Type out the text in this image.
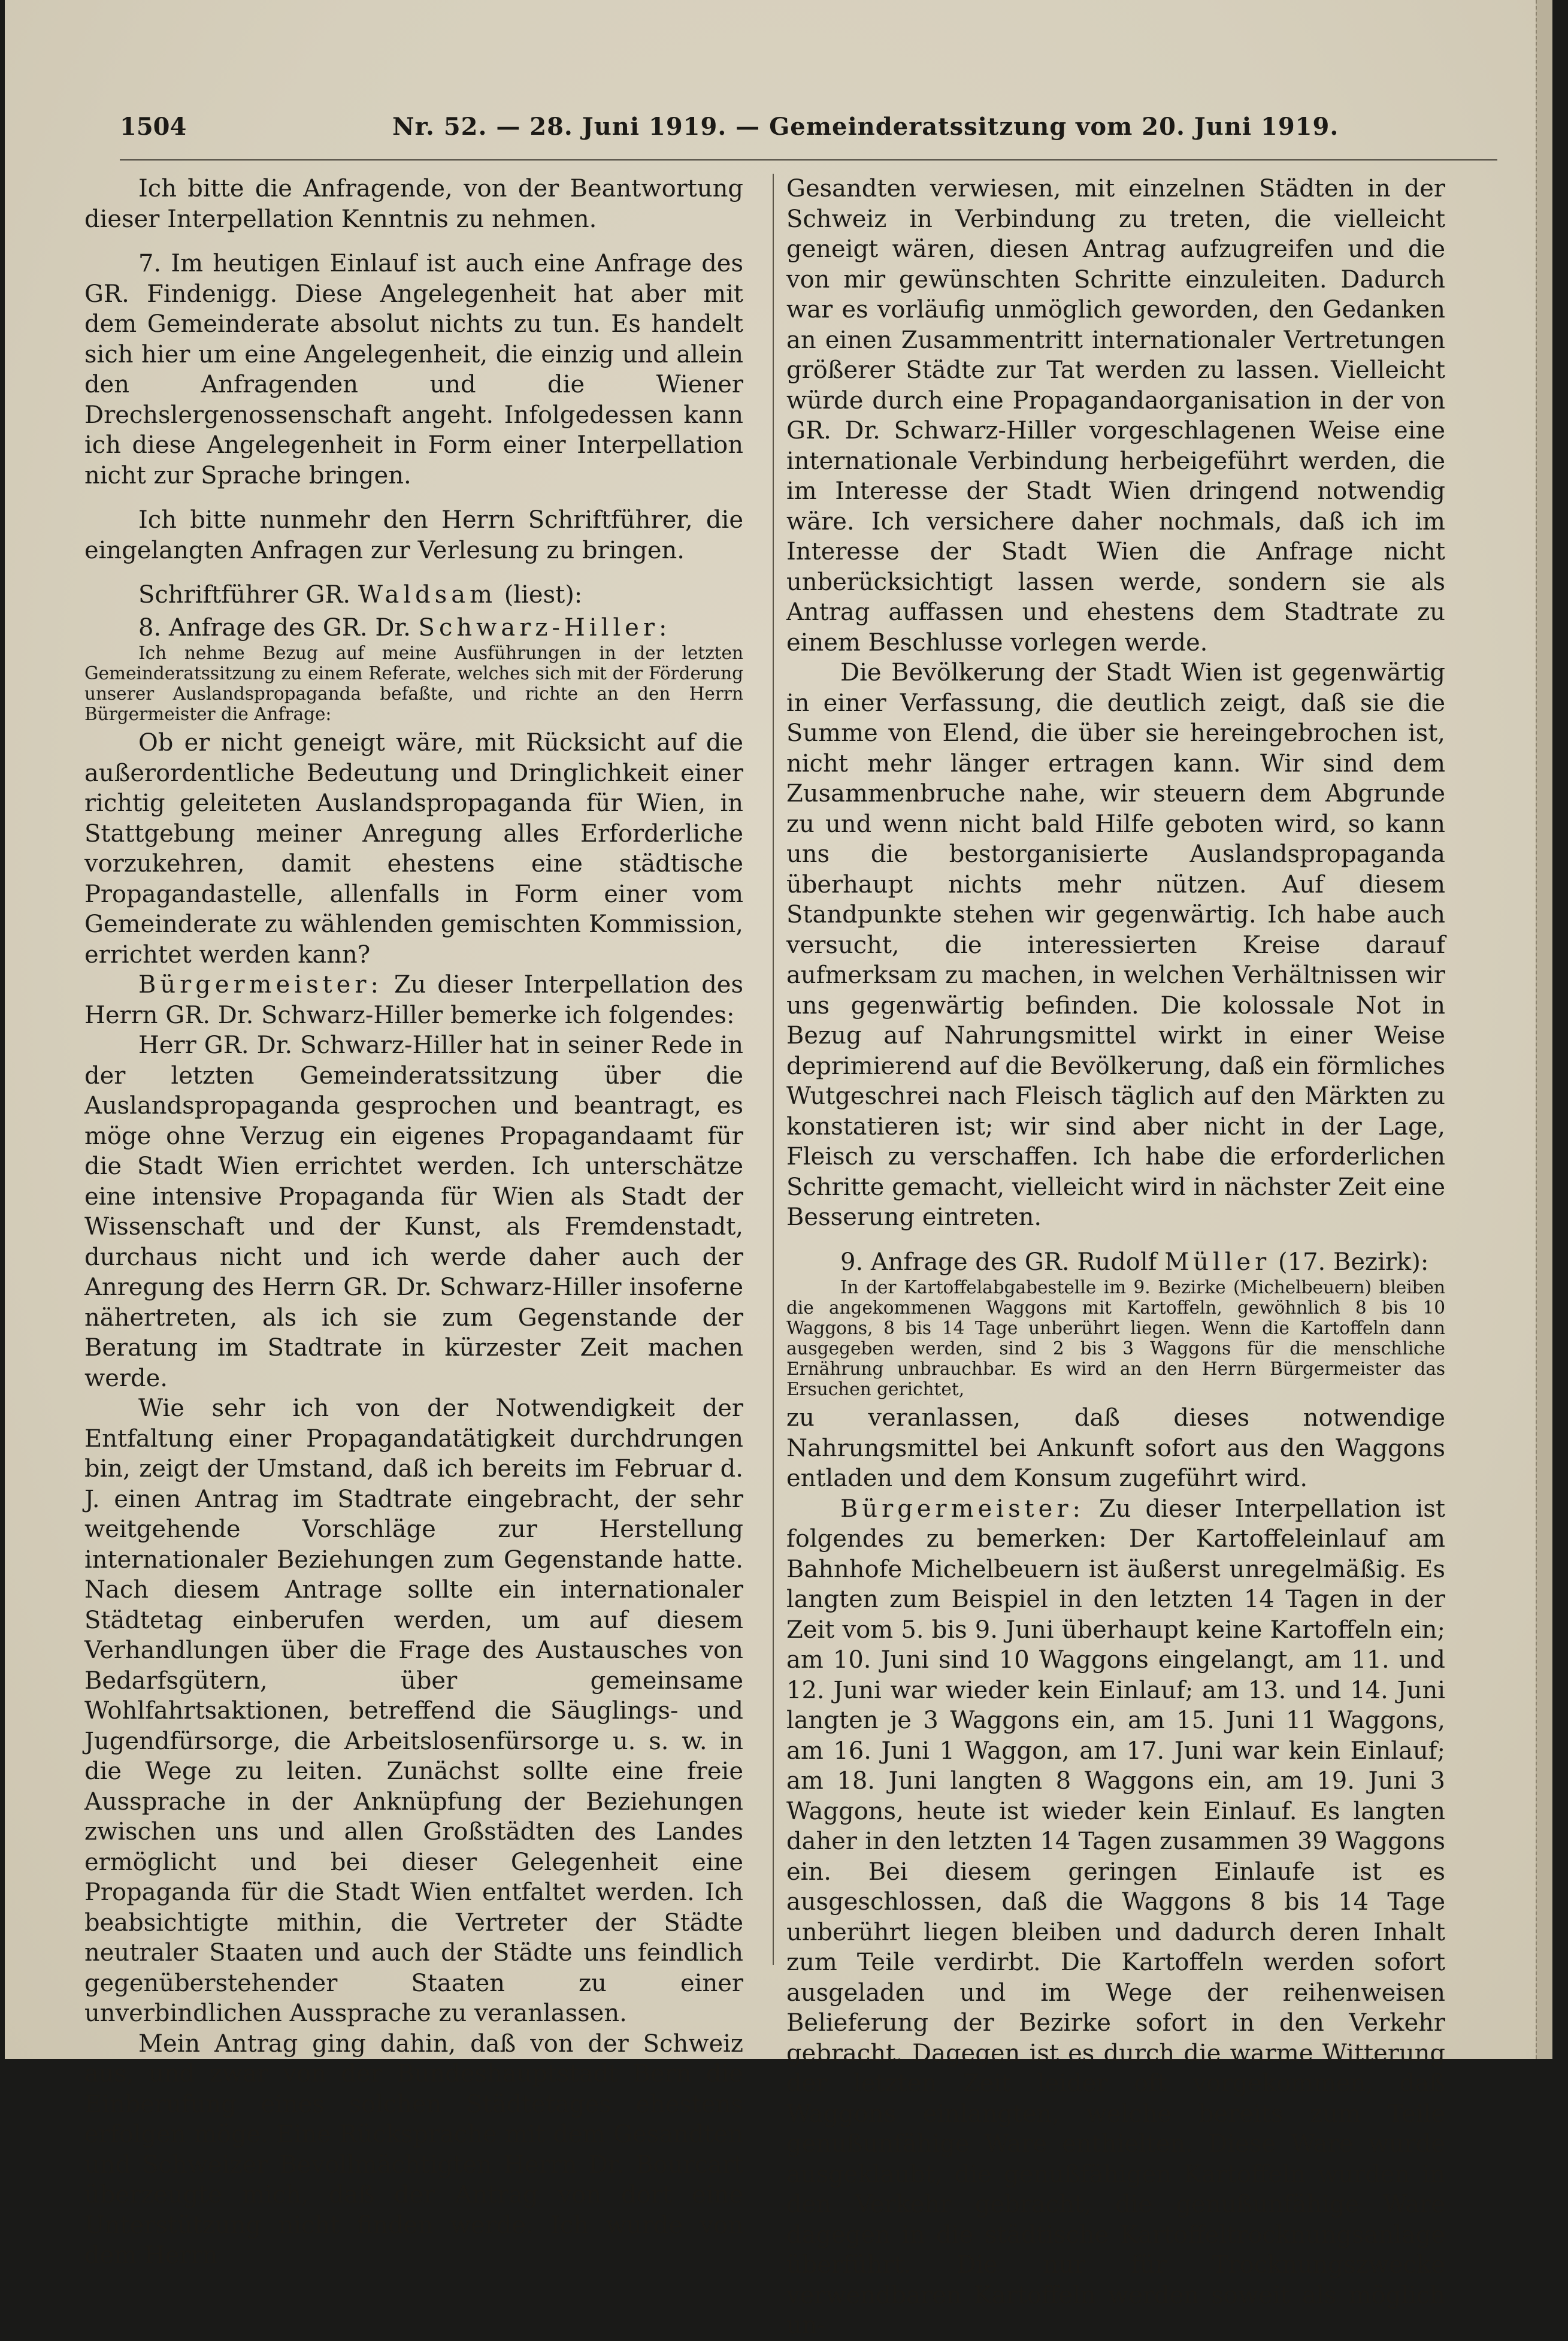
1504	Nr. 52. — 28. Juni 1919. — Gemeinderatssitzung vom 20. Juni 1919.

Ich bitte die Anfragende, von der Beantwortung dieser Interpellation Kenntnis zu nehmen.

7. Im heutigen Einlauf ist auch eine Anfrage des GR. Findenigg. Diese Angelegenheit hat aber mit dem Gemeinderate absolut nichts zu tun. Es handelt sich hier um eine Angelegenheit, die einzig und allein den Anfragenden und die Wiener Drechslergenossenschaft angeht. Infolgedessen kann ich diese Angelegenheit in Form einer Interpellation nicht zur Sprache bringen.

Ich bitte nunmehr den Herrn Schriftführer, die eingelangten Anfragen zur Verlesung zu bringen.

Schriftführer GR. Waldsam (liest):

8. Anfrage des GR. Dr. Schwarz-Hiller:

Ich nehme Bezug auf meine Ausführungen in der letzten Gemeinderatssitzung zu einem Referate, welches sich mit der Förderung unserer Auslandspropaganda befaßte, und richte an den Herrn Bürgermeister die Anfrage:

Ob er nicht geneigt wäre, mit Rücksicht auf die außerordentliche Bedeutung und Dringlichkeit einer richtig geleiteten Auslandspropaganda für Wien, in Stattgebung meiner Anregung alles Erforderliche vorzukehren, damit ehestens eine städtische Propagandastelle, allenfalls in Form einer vom Gemeinderate zu wählenden gemischten Kommission, errichtet werden kann?

Bürgermeister: Zu dieser Interpellation des Herrn GR. Dr. Schwarz-Hiller bemerke ich folgendes:

Herr GR. Dr. Schwarz-Hiller hat in seiner Rede in der letzten Gemeinderatssitzung über die Auslandspropaganda gesprochen und beantragt, es möge ohne Verzug ein eigenes Propagandaamt für die Stadt Wien errichtet werden. Ich unterschätze eine intensive Propaganda für Wien als Stadt der Wissenschaft und der Kunst, als Fremdenstadt, durchaus nicht und ich werde daher auch der Anregung des Herrn GR. Dr. Schwarz-Hiller insoferne nähertreten, als ich sie zum Gegenstande der Beratung im Stadtrate in kürzester Zeit machen werde.

Wie sehr ich von der Notwendigkeit der Entfaltung einer Propagandatätigkeit durchdrungen bin, zeigt der Umstand, daß ich bereits im Februar d. J. einen Antrag im Stadtrate eingebracht, der sehr weitgehende Vorschläge zur Herstellung internationaler Beziehungen zum Gegenstande hatte. Nach diesem Antrage sollte ein internationaler Städtetag einberufen werden, um auf diesem Verhandlungen über die Frage des Austausches von Bedarfsgütern, über gemeinsame Wohlfahrtsaktionen, betreffend die Säuglings- und Jugendfürsorge, die Arbeitslosenfürsorge u. s. w. in die Wege zu leiten. Zunächst sollte eine freie Aussprache in der Anknüpfung der Beziehungen zwischen uns und allen Großstädten des Landes ermöglicht und bei dieser Gelegenheit eine Propaganda für die Stadt Wien entfaltet werden. Ich beabsichtigte mithin, die Vertreter der Städte neutraler Staaten und auch der Städte uns feindlich gegenüberstehender Staaten zu einer unverbindlichen Aussprache zu veranlassen.

Mein Antrag ging dahin, daß von der Schweiz aus, und zwar von der Bundeshauptstadt Bern die Einberufung eines solchen Städtetages ehestens erfolgen möge. Eine Rücksprache mit dem Gesandten und Schweizer Bevollmächtigten Herrn Dr. Bourcart überzeugte mich, daß der Antrag von dort eine Unterstützung nicht finden werde. Ich wurde von dem Herrn

Gesandten verwiesen, mit einzelnen Städten in der Schweiz in Verbindung zu treten, die vielleicht geneigt wären, diesen Antrag aufzugreifen und die von mir gewünschten Schritte einzuleiten. Dadurch war es vorläufig unmöglich geworden, den Gedanken an einen Zusammentritt internationaler Vertretungen größerer Städte zur Tat werden zu lassen. Vielleicht würde durch eine Propagandaorganisation in der von GR. Dr. Schwarz-Hiller vorgeschlagenen Weise eine internationale Verbindung herbeigeführt werden, die im Interesse der Stadt Wien dringend notwendig wäre. Ich versichere daher nochmals, daß ich im Interesse der Stadt Wien die Anfrage nicht unberücksichtigt lassen werde, sondern sie als Antrag auffassen und ehestens dem Stadtrate zu einem Beschlusse vorlegen werde.

Die Bevölkerung der Stadt Wien ist gegenwärtig in einer Verfassung, die deutlich zeigt, daß sie die Summe von Elend, die über sie hereingebrochen ist, nicht mehr länger ertragen kann. Wir sind dem Zusammenbruche nahe, wir steuern dem Abgrunde zu und wenn nicht bald Hilfe geboten wird, so kann uns die bestorganisierte Auslandspropaganda überhaupt nichts mehr nützen. Auf diesem Standpunkte stehen wir gegenwärtig. Ich habe auch versucht, die interessierten Kreise darauf aufmerksam zu machen, in welchen Verhältnissen wir uns gegenwärtig befinden. Die kolossale Not in Bezug auf Nahrungsmittel wirkt in einer Weise deprimierend auf die Bevölkerung, daß ein förmliches Wutgeschrei nach Fleisch täglich auf den Märkten zu konstatieren ist; wir sind aber nicht in der Lage, Fleisch zu verschaffen. Ich habe die erforderlichen Schritte gemacht, vielleicht wird in nächster Zeit eine Besserung eintreten.

9. Anfrage des GR. Rudolf Müller (17. Bezirk):

In der Kartoffelabgabestelle im 9. Bezirke (Michelbeuern) bleiben die angekommenen Waggons mit Kartoffeln, gewöhnlich 8 bis 10 Waggons, 8 bis 14 Tage unberührt liegen. Wenn die Kartoffeln dann ausgegeben werden, sind 2 bis 3 Waggons für die menschliche Ernährung unbrauchbar. Es wird an den Herrn Bürgermeister das Ersuchen gerichtet,

zu veranlassen, daß dieses notwendige Nahrungsmittel bei Ankunft sofort aus den Waggons entladen und dem Konsum zugeführt wird.

Bürgermeister: Zu dieser Interpellation ist folgendes zu bemerken: Der Kartoffeleinlauf am Bahnhofe Michelbeuern ist äußerst unregelmäßig. Es langten zum Beispiel in den letzten 14 Tagen in der Zeit vom 5. bis 9. Juni überhaupt keine Kartoffeln ein; am 10. Juni sind 10 Waggons eingelangt, am 11. und 12. Juni war wieder kein Einlauf; am 13. und 14. Juni langten je 3 Waggons ein, am 15. Juni 11 Waggons, am 16. Juni 1 Waggon, am 17. Juni war kein Einlauf; am 18. Juni langten 8 Waggons ein, am 19. Juni 3 Waggons, heute ist wieder kein Einlauf. Es langten daher in den letzten 14 Tagen zusammen 39 Waggons ein. Bei diesem geringen Einlaufe ist es ausgeschlossen, daß die Waggons 8 bis 14 Tage unberührt liegen bleiben und dadurch deren Inhalt zum Teile verdirbt. Die Kartoffeln werden sofort ausgeladen und im Wege der reihenweisen Belieferung der Bezirke sofort in den Verkehr gebracht. Dagegen ist es durch die warme Witterung der letzten Zeit leider oft vorgekommen, daß Waggons einlangten, welche bereits zum Teile genußunfähige Ware enthielten. Diese Ware wurde ausgeklaubt, die genußfähigen Kartoffeln wurden in den Verkehr gebracht, die genußunfähige Ware dagegen in die städtische Kartoffeltrocknungsanlage überführt. Die nur für Trocknungszwecke verwendbaren Kartoffeln werden soweit als möglich un-
